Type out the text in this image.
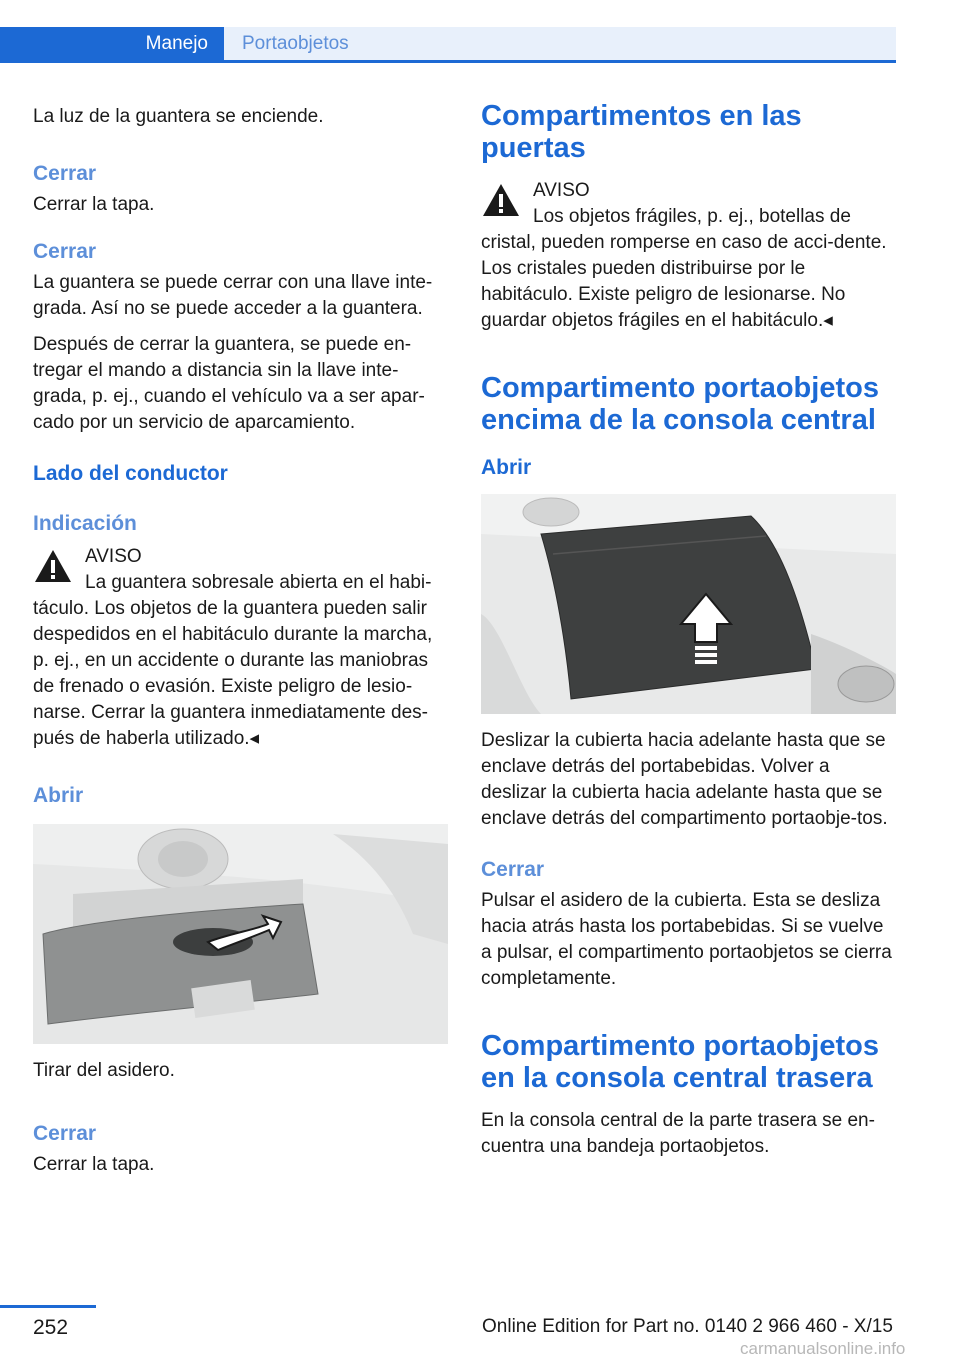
Manejo	Portaobjetos

La luz de la guantera se enciende.

Cerrar

Cerrar la tapa.

Cerrar

La guantera se puede cerrar con una llave inte-grada. Así no se puede acceder a la guantera.

Después de cerrar la guantera, se puede en-tregar el mando a distancia sin la llave inte-grada, p. ej., cuando el vehículo va a ser apar-cado por un servicio de aparcamiento.

Lado del conductor
Indicación

AVISO

La guantera sobresale abierta en el habi-táculo. Los objetos de la guantera pueden salir despedidos en el habitáculo durante la marcha, p. ej., en un accidente o durante las maniobras de frenado o evasión. Existe peligro de lesio-narse. Cerrar la guantera inmediatamente des-pués de haberla utilizado.◂

Abrir

Tirar del asidero.

Cerrar

Cerrar la tapa.

Compartimentos en las puertas

AVISO

Los objetos frágiles, p. ej., botellas de cristal, pueden romperse en caso de acci-dente. Los cristales pueden distribuirse por le habitáculo. Existe peligro de lesionarse. No guardar objetos frágiles en el habitáculo.◂

Compartimento portaobjetos encima de la consola central
Abrir

Deslizar la cubierta hacia adelante hasta que se enclave detrás del portabebidas. Volver a deslizar la cubierta hacia adelante hasta que se enclave detrás del compartimento portaobje-tos.

Cerrar

Pulsar el asidero de la cubierta. Esta se desliza hacia atrás hasta los portabebidas. Si se vuelve a pulsar, el compartimento portaobjetos se cierra completamente.

Compartimento portaobjetos en la consola central trasera

En la consola central de la parte trasera se en-cuentra una bandeja portaobjetos.

252	Online Edition for Part no. 0140 2 966 460 - X/15
carmanualsonline.info
